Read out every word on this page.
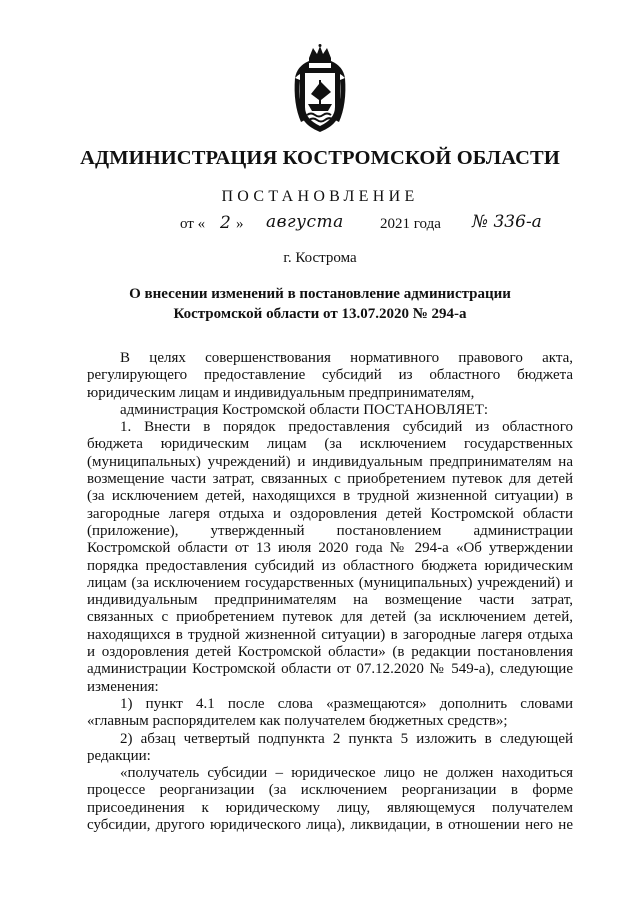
АДМИНИСТРАЦИЯ КОСТРОМСКОЙ ОБЛАСТИ
ПОСТАНОВЛЕНИЕ
от « 2 » августа 2021 года № 336-а
г. Кострома
О внесении изменений в постановление администрации
Костромской области от 13.07.2020 № 294-а
В целях совершенствования нормативного правового акта,
регулирующего предоставление субсидий из областного бюджета
юридическим лицам и индивидуальным предпринимателям,
администрация Костромской области ПОСТАНОВЛЯЕТ:
1. Внести в порядок предоставления субсидий из областного
бюджета юридическим лицам (за исключением государственных
(муниципальных) учреждений) и индивидуальным предпринимателям на
возмещение части затрат, связанных с приобретением путевок для детей
(за исключением детей, находящихся в трудной жизненной ситуации) в
загородные лагеря отдыха и оздоровления детей Костромской области
(приложение), утвержденный постановлением администрации
Костромской области от 13 июля 2020 года № 294-а «Об утверждении
порядка предоставления субсидий из областного бюджета юридическим
лицам (за исключением государственных (муниципальных) учреждений) и
индивидуальным предпринимателям на возмещение части затрат,
связанных с приобретением путевок для детей (за исключением детей,
находящихся в трудной жизненной ситуации) в загородные лагеря отдыха
и оздоровления детей Костромской области» (в редакции постановления
администрации Костромской области от 07.12.2020 № 549-а), следующие
изменения:
1) пункт 4.1 после слова «размещаются» дополнить словами
«главным распорядителем как получателем бюджетных средств»;
2) абзац четвертый подпункта 2 пункта 5 изложить в следующей
редакции:
«получатель субсидии – юридическое лицо не должен находиться
процессе реорганизации (за исключением реорганизации в форме
присоединения к юридическому лицу, являющемуся получателем
субсидии, другого юридического лица), ликвидации, в отношении него не
